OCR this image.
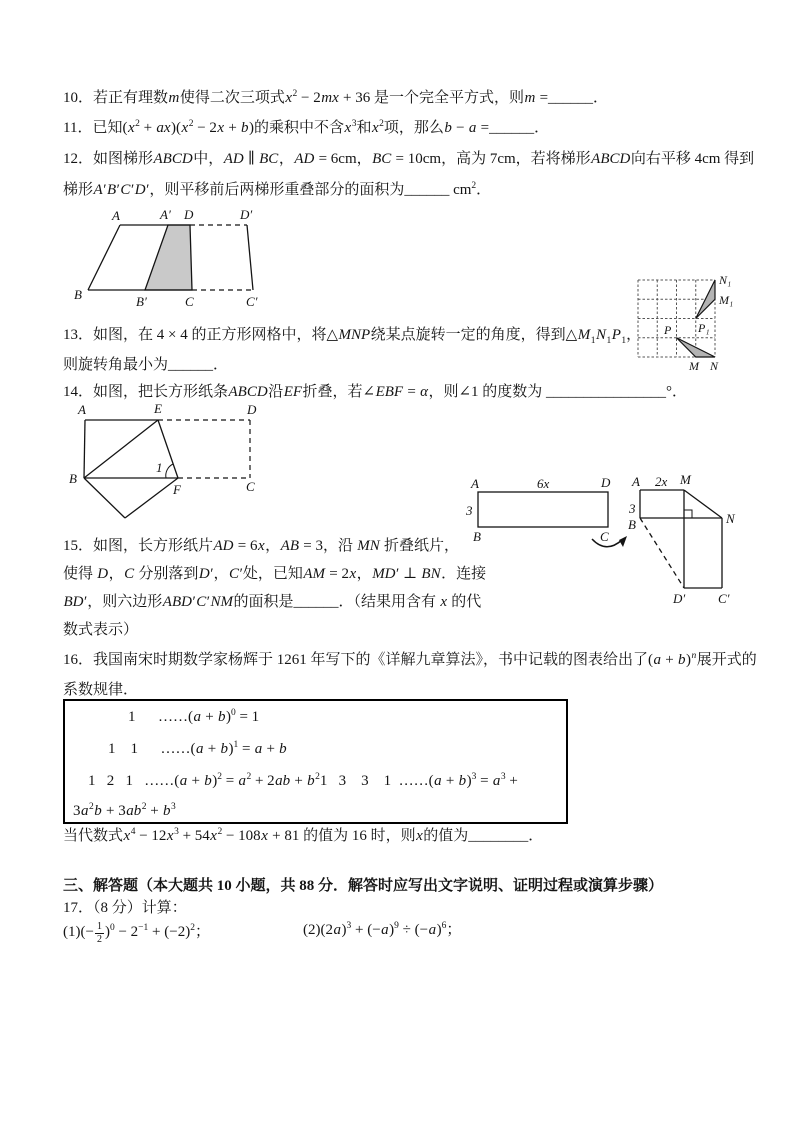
10．若正有理数m使得二次三项式$x^2 - 2mx + 36$ 是一个完全平方式，则m =______．
11．已知$(x^2 + ax)(x^2 - 2x + b)$的乘积中不含$x^3$和$x^2$项，那么b − a =______．
12．如图梯形ABCD中，AD ∥ BC，AD = 6cm，BC = 10cm，高为 7cm，若将梯形ABCD向右平移 4cm 得到
梯形A′B′C′D′，则平移前后两梯形重叠部分的面积为______ $cm^2$．
13．如图，在 4 × 4 的正方形网格中，将△MNP绕某点旋转一定的角度，得到$\triangle M_1N_1P_1$，
则旋转角最小为______．
14．如图，把长方形纸条ABCD沿EF折叠，若∠EBF = α，则∠1 的度数为 ________________°．
15．如图，长方形纸片AD = 6x，AB = 3，沿 MN 折叠纸片，
使得 D，C 分别落到D′，C′处，已知AM = 2x，MD′ ⊥ BN．连接
BD′，则六边形ABD′C′NM的面积是______．（结果用含有 x 的代
数式表示）
16．我国南宋时期数学家杨辉于 1261 年写下的《详解九章算法》，书中记载的图表给出了$(a + b)^n$展开式的
系数规律．
1      ……(a + b)$^0$ = 1
1    1      ……(a + b)$^1$ = a + b
1   2   1   ……(a + $b)^2 = a^2 + 2ab + b^21$   3    3    1  ……(a + $b)^3 = a^3$ +
$3a^2b + 3ab^2 + b^3$
当代数式$x^4 - 12x^3 + 54x^2 - 108x + 81$ 的值为 16 时，则x的值为________．
三、解答题（本大题共 10 小题，共 88 分．解答时应写出文字说明、证明过程或演算步骤）
17．（8 分）计算：
$(1)(- \frac{1}{2} )^0 - 2^{-1} + (-2)^2$；	$(2)(2a)^3 + (-a)^9 \div (-a)^6$；
A	A′ D	D′
B	B′	C	C′
P P₁
M N
N₁
M₁
A	E	D
B
F	C
1
A	6x	D
3
B	C
A 2x M
3
B	N
D′	C′
